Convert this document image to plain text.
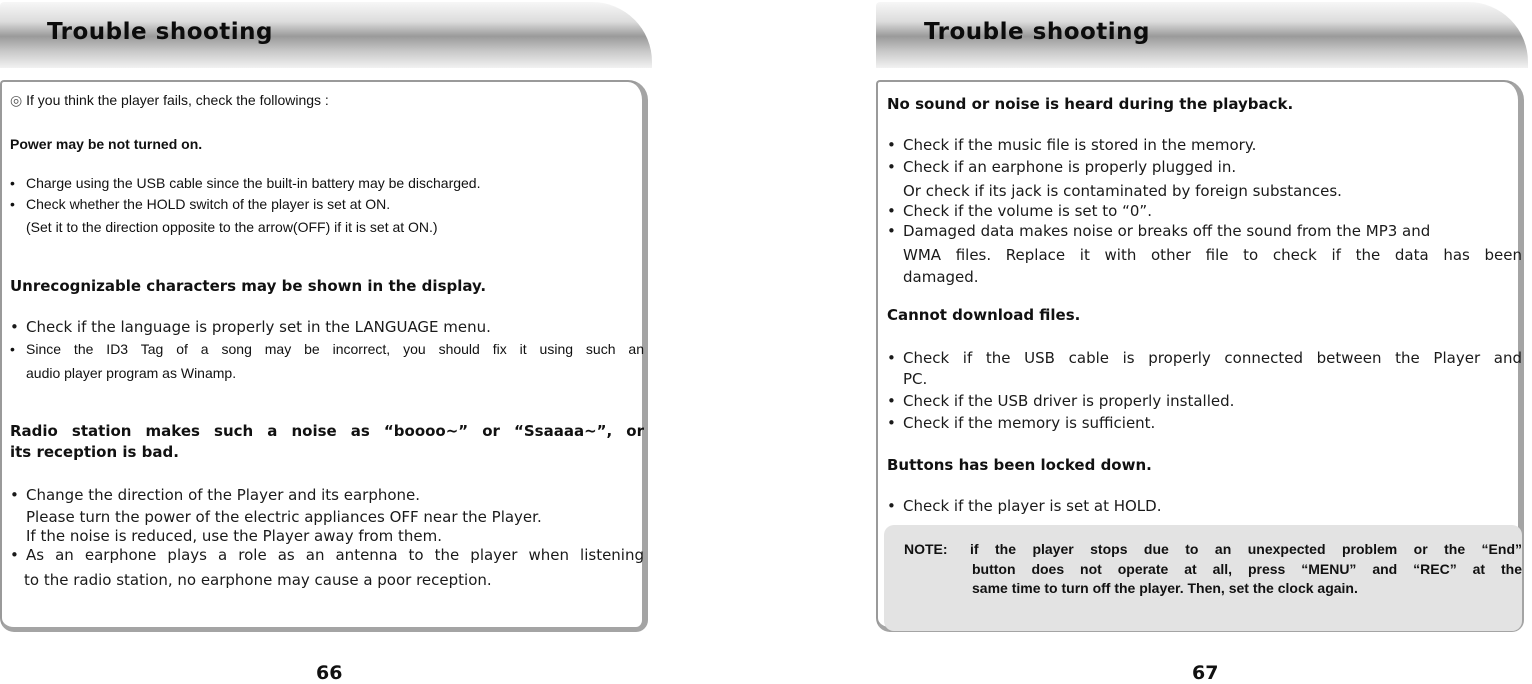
Trouble shooting
◎ If you think the player fails, check the followings :
Power may be not turned on.
• Charge using the USB cable since the built-in battery may be discharged.
• Check whether the HOLD switch of the player is set at ON.
(Set it to the direction opposite to the arrow(OFF) if it is set at ON.)
Unrecognizable characters may be shown in the display.
• Check if the language is properly set in the LANGUAGE menu.
• Since the ID3 Tag of a song may be incorrect, you should fix it using such an
audio player program as Winamp.
Radio station makes such a noise as “boooo~” or “Ssaaaa~”, or
its reception is bad.
• Change the direction of the Player and its earphone.
Please turn the power of the electric appliances OFF near the Player.
If the noise is reduced, use the Player away from them.
• As an earphone plays a role as an antenna to the player when listening
to the radio station, no earphone may cause a poor reception.
66
Trouble shooting
No sound or noise is heard during the playback.
• Check if the music file is stored in the memory.
• Check if an earphone is properly plugged in.
Or check if its jack is contaminated by foreign substances.
• Check if the volume is set to “0”.
• Damaged data makes noise or breaks off the sound from the MP3 and
WMA files. Replace it with other file to check if the data has been
damaged.
Cannot download files.
• Check if the USB cable is properly connected between the Player and
PC.
• Check if the USB driver is properly installed.
• Check if the memory is sufficient.
Buttons has been locked down.
• Check if the player is set at HOLD.
NOTE: if the player stops due to an unexpected problem or the “End”
button does not operate at all, press “MENU” and “REC” at the
same time to turn off the player. Then, set the clock again.
67
